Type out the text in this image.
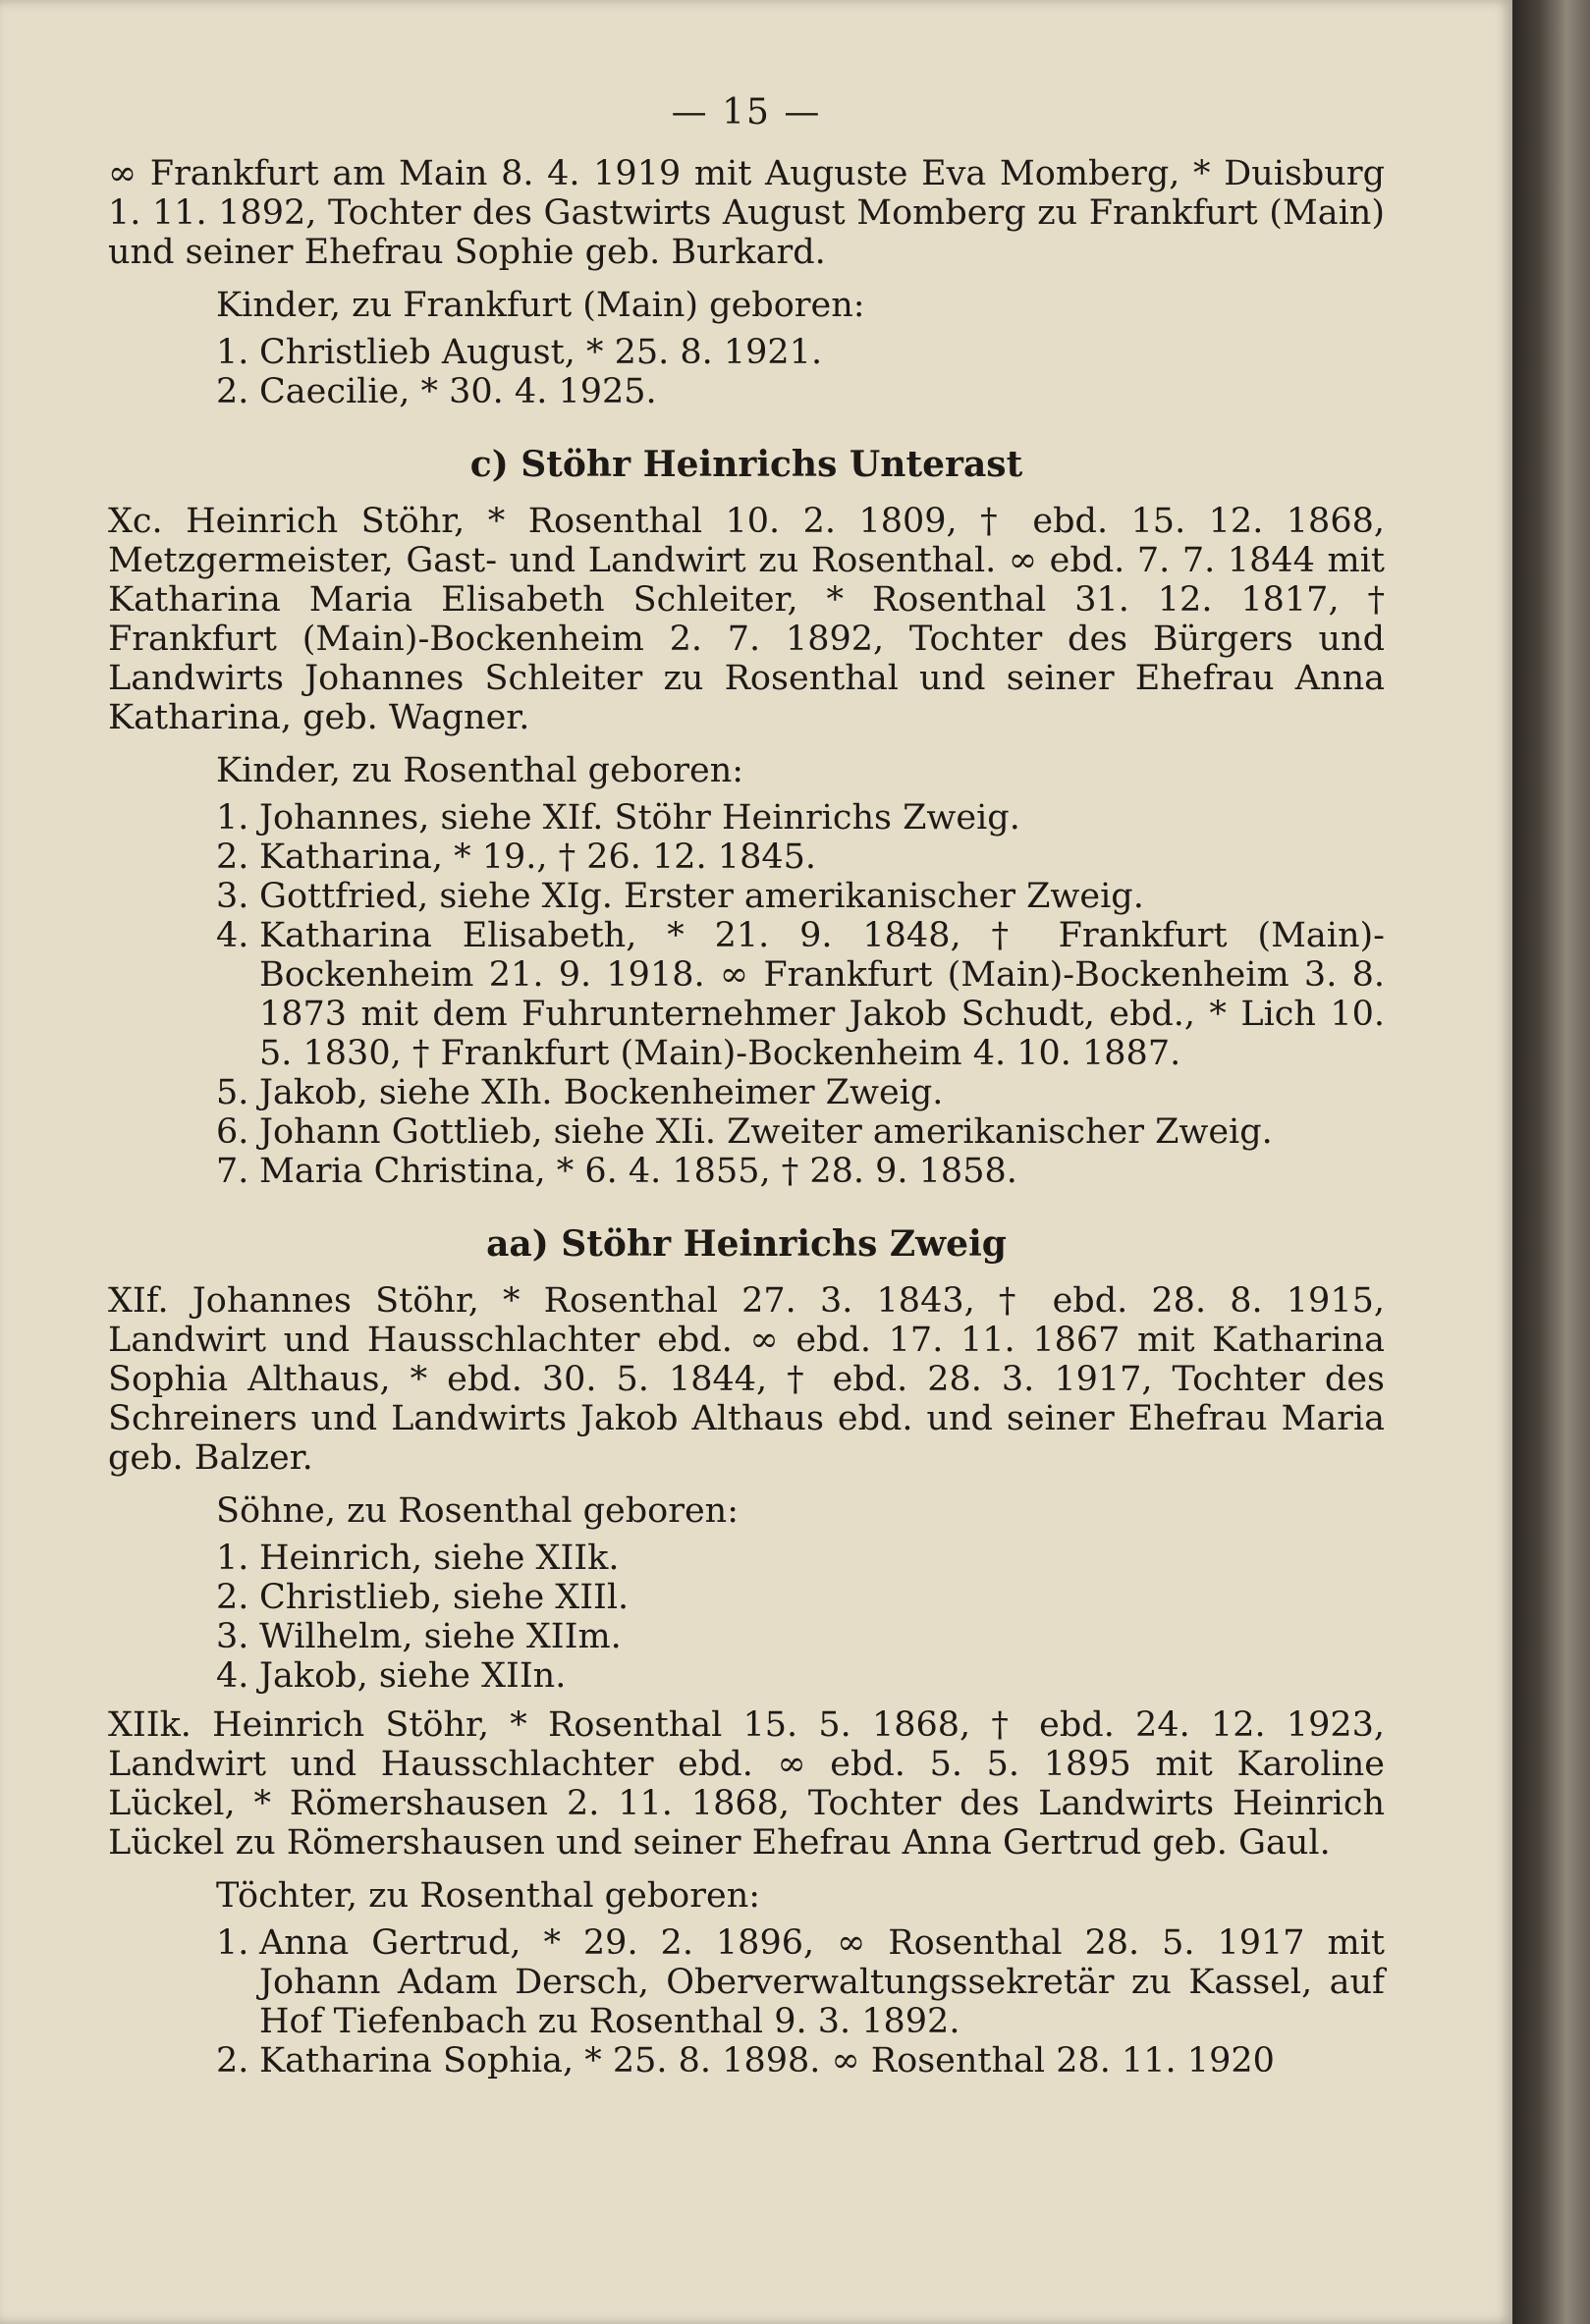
— 15 —

∞ Frankfurt am Main 8. 4. 1919 mit Auguste Eva Momberg, * Duisburg 1. 11. 1892, Tochter des Gastwirts August Momberg zu Frankfurt (Main) und seiner Ehefrau Sophie geb. Burkard.

Kinder, zu Frankfurt (Main) geboren:

1. Christlieb August, * 25. 8. 1921.
2. Caecilie, * 30. 4. 1925.
c) Stöhr Heinrichs Unterast

Xc. Heinrich Stöhr, * Rosenthal 10. 2. 1809, † ebd. 15. 12. 1868, Metzgermeister, Gast- und Landwirt zu Rosenthal. ∞ ebd. 7. 7. 1844 mit Katharina Maria Elisabeth Schleiter, * Rosenthal 31. 12. 1817, † Frankfurt (Main)-Bockenheim 2. 7. 1892, Tochter des Bürgers und Landwirts Johannes Schleiter zu Rosenthal und seiner Ehefrau Anna Katharina, geb. Wagner.

Kinder, zu Rosenthal geboren:

1. Johannes, siehe XIf. Stöhr Heinrichs Zweig.
2. Katharina, * 19., † 26. 12. 1845.
3. Gottfried, siehe XIg. Erster amerikanischer Zweig.
4. Katharina Elisabeth, * 21. 9. 1848, † Frankfurt (Main)-Bockenheim 21. 9. 1918. ∞ Frankfurt (Main)-Bockenheim 3. 8. 1873 mit dem Fuhrunternehmer Jakob Schudt, ebd., * Lich 10. 5. 1830, † Frankfurt (Main)-Bockenheim 4. 10. 1887.
5. Jakob, siehe XIh. Bockenheimer Zweig.
6. Johann Gottlieb, siehe XIi. Zweiter amerikanischer Zweig.
7. Maria Christina, * 6. 4. 1855, † 28. 9. 1858.
aa) Stöhr Heinrichs Zweig

XIf. Johannes Stöhr, * Rosenthal 27. 3. 1843, † ebd. 28. 8. 1915, Landwirt und Hausschlachter ebd. ∞ ebd. 17. 11. 1867 mit Katharina Sophia Althaus, * ebd. 30. 5. 1844, † ebd. 28. 3. 1917, Tochter des Schreiners und Landwirts Jakob Althaus ebd. und seiner Ehefrau Maria geb. Balzer.

Söhne, zu Rosenthal geboren:

1. Heinrich, siehe XIIk.
2. Christlieb, siehe XIIl.
3. Wilhelm, siehe XIIm.
4. Jakob, siehe XIIn.

XIIk. Heinrich Stöhr, * Rosenthal 15. 5. 1868, † ebd. 24. 12. 1923, Landwirt und Hausschlachter ebd. ∞ ebd. 5. 5. 1895 mit Karoline Lückel, * Römershausen 2. 11. 1868, Tochter des Landwirts Heinrich Lückel zu Römershausen und seiner Ehefrau Anna Gertrud geb. Gaul.

Töchter, zu Rosenthal geboren:

1. Anna Gertrud, * 29. 2. 1896, ∞ Rosenthal 28. 5. 1917 mit Johann Adam Dersch, Oberverwaltungssekretär zu Kassel, auf Hof Tiefenbach zu Rosenthal 9. 3. 1892.
2. Katharina Sophia, * 25. 8. 1898. ∞ Rosenthal 28. 11. 1920
